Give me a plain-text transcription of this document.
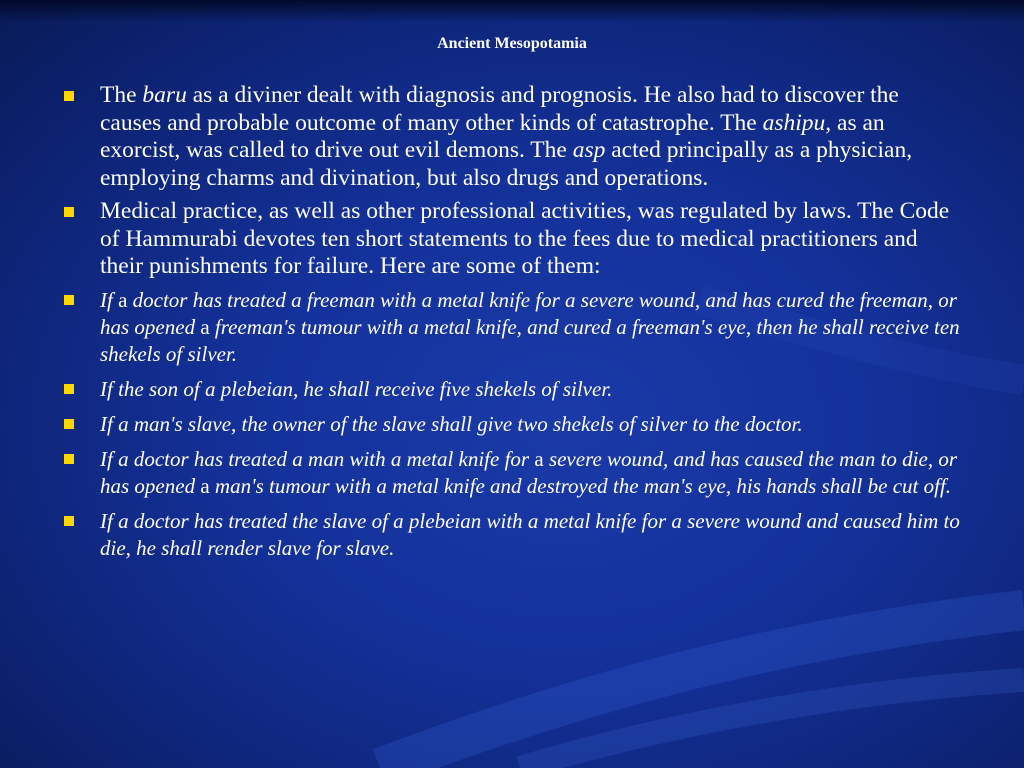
Ancient Mesopotamia
The baru as a diviner dealt with diagnosis and prognosis. He also had to discover the causes and probable outcome of many other kinds of catastrophe. The ashipu, as an exorcist, was called to drive out evil demons. The asp acted principally as a physician, employing charms and divination, but also drugs and operations.
Medical practice, as well as other professional activities, was regulated by laws. The Code of Hammurabi devotes ten short statements to the fees due to medical practitioners and their punishments for failure. Here are some of them:
If a doctor has treated a freeman with a metal knife for a severe wound, and has cured the freeman, or has opened a freeman's tumour with a metal knife, and cured a freeman's eye, then he shall receive ten shekels of silver.
If the son of a plebeian, he shall receive five shekels of silver.
If a man's slave, the owner of the slave shall give two shekels of silver to the doctor.
If a doctor has treated a man with a metal knife for a severe wound, and has caused the man to die, or has opened a man's tumour with a metal knife and destroyed the man's eye, his hands shall be cut off.
If a doctor has treated the slave of a plebeian with a metal knife for a severe wound and caused him to die, he shall render slave for slave.
